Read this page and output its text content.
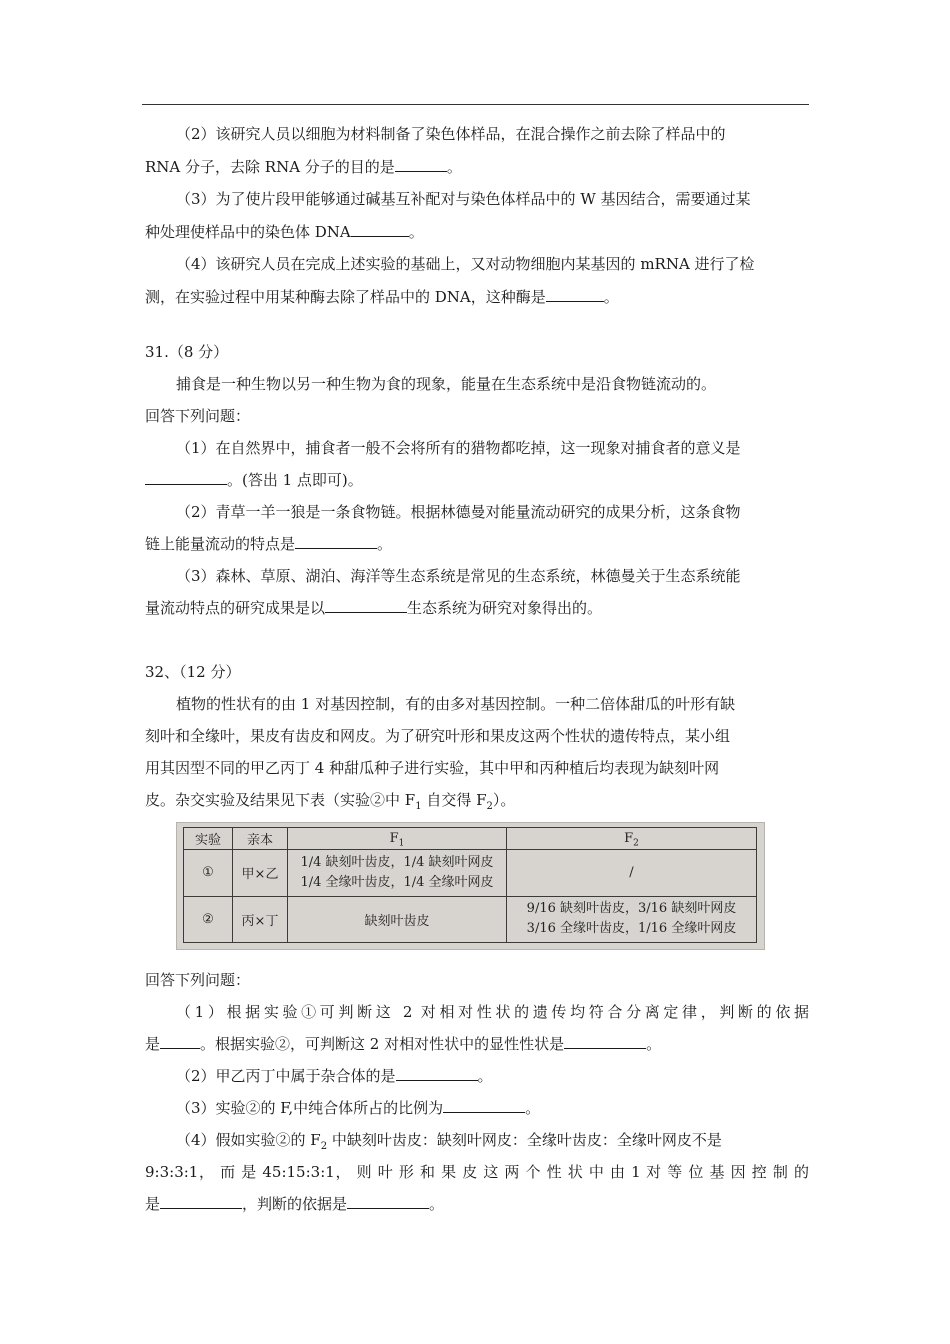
（2）该研究人员以细胞为材料制备了染色体样品，在混合操作之前去除了样品中的
RNA 分子，去除 RNA 分子的目的是	。
（3）为了使片段甲能够通过碱基互补配对与染色体样品中的 W 基因结合，需要通过某
种处理使样品中的染色体 DNA	。
（4）该研究人员在完成上述实验的基础上，又对动物细胞内某基因的 mRNA 进行了检
测，在实验过程中用某种酶去除了样品中的 DNA，这种酶是	。
31.（8 分）
捕食是一种生物以另一种生物为食的现象，能量在生态系统中是沿食物链流动的。
回答下列问题：
（1）在自然界中，捕食者一般不会将所有的猎物都吃掉，这一现象对捕食者的意义是
。(答出 1 点即可)。
（2）青草一羊一狼是一条食物链。根据林德曼对能量流动研究的成果分析，这条食物
链上能量流动的特点是	。
（3）森林、草原、湖泊、海洋等生态系统是常见的生态系统，林德曼关于生态系统能
量流动特点的研究成果是以	生态系统为研究对象得出的。
32、（12 分）
植物的性状有的由 1 对基因控制，有的由多对基因控制。一种二倍体甜瓜的叶形有缺
刻叶和全缘叶，果皮有齿皮和网皮。为了研究叶形和果皮这两个性状的遗传特点，某小组
用其因型不同的甲乙丙丁 4 种甜瓜种子进行实验，其中甲和丙种植后均表现为缺刻叶网
皮。杂交实验及结果见下表（实验②中 $F_1$ 自交得 $F_2$）。
实验	亲本	$F_1$	$F_2$
①	甲×乙	1/4 缺刻叶齿皮，1/4 缺刻叶网皮
1/4 全缘叶齿皮，1/4 全缘叶网皮	/
②	丙×丁	缺刻叶齿皮	9/16 缺刻叶齿皮，3/16 缺刻叶网皮
3/16 全缘叶齿皮，1/16 全缘叶网皮
回答下列问题：
（1）根据实验①可判断这 2 对相对性状的遗传均符合分离定律，判断的依据
是	。根据实验②，可判断这 2 对相对性状中的显性性状是	。
（2）甲乙丙丁中属于杂合体的是	。
（3）实验②的 F,中纯合体所占的比例为	。
（4）假如实验②的 $F_2$ 中缺刻叶齿皮：缺刻叶网皮：全缘叶齿皮：全缘叶网皮不是
9:3:3:1， 而 是 45:15:3:1， 则 叶 形 和 果 皮 这 两 个 性 状 中 由 1 对 等 位 基 因 控 制 的
是	，判断的依据是	。
